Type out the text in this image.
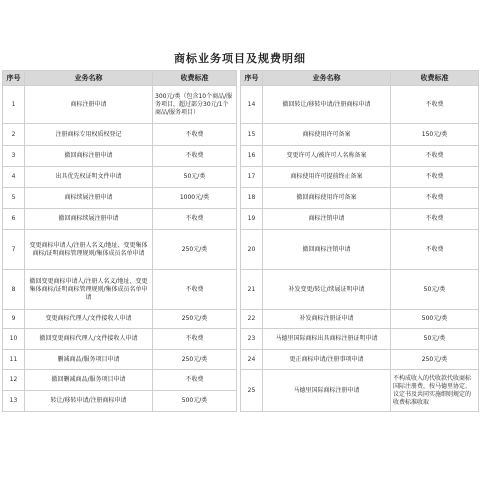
商标业务项目及规费明细
序号	业务名称	收费标准		序号	业务名称	收费标准
1	商标注册申请	300元/类（包含10个商品/服务项目，超过部分30元/1个商品/服务项目）		14	撤回转让/移转申请/注册商标申请	不收费
2	注册商标专用权质权登记	不收费		15	商标使用许可备案	150元/类
3	撤回商标注册申请	不收费		16	变更许可人/被许可人名称备案	不收费
4	出具优先权证明文件申请	50元/类		17	商标使用许可提前终止备案	不收费
5	商标续展注册申请	1000元/类		18	撤回商标使用许可备案	不收费
6	撤回商标续展注册申请	不收费		19	商标注销申请	不收费
7	变更商标申请人/注册人名义/地址、变更集体商标/证明商标管理规则/集体成员名单申请	250元/类		20	撤回商标注销申请	不收费
8	撤回变更商标申请人/注册人名义/地址、变更集体商标/证明商标管理规则/集体成员名单申请	不收费		21	补发变更/转让/续展证明申请	50元/类
9	变更商标代理人/文件接收人申请	250元/类		22	补发商标注册证申请	500元/类
10	撤回变更商标代理人/文件接收人申请	不收费		23	马德里国际商标出具商标注册证明申请	50元/类
11	删减商品/服务项目申请	250元/类		24	更正商标申请/注册事项申请	250元/类
12	撤回删减商品/服务项目申请	不收费		25	马德里国际商标注册申请	不构成收入的代收款代收商标国际注册费，按马德里协定、议定书及共同实施细则规定的收费标准收取
13	转让/移转申请/注册商标申请	500元/类				
